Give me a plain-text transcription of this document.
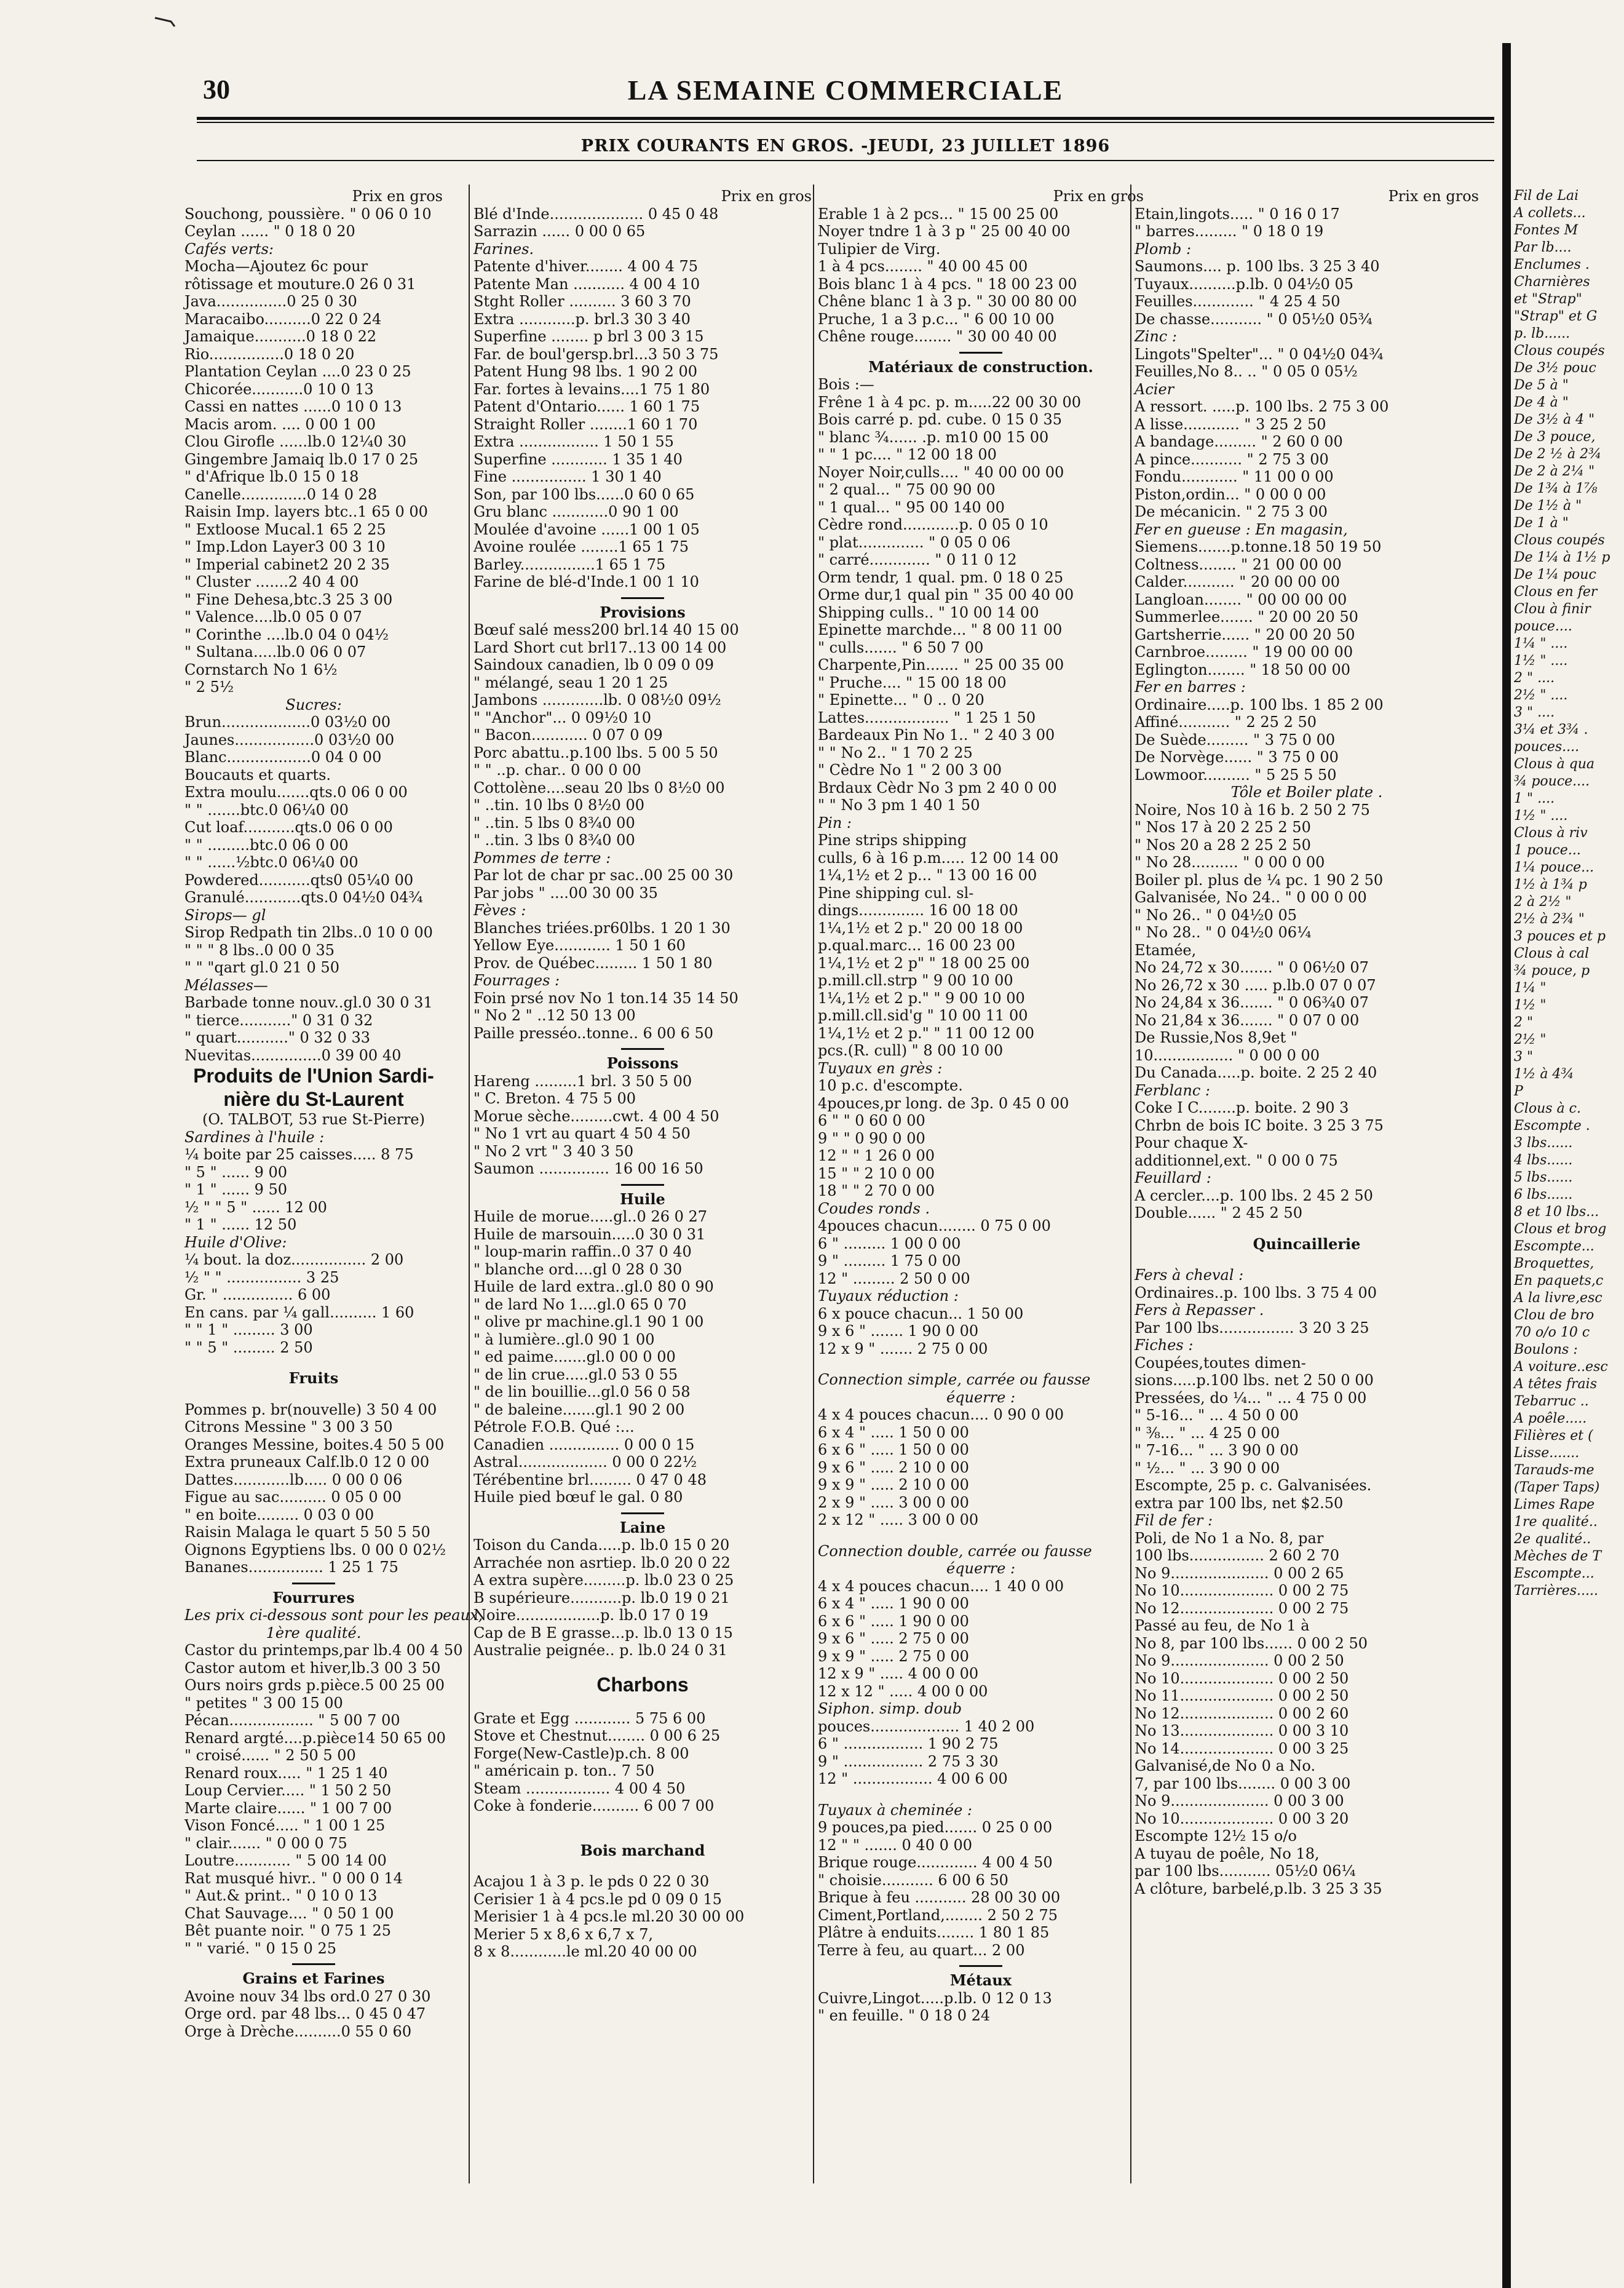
30	LA SEMAINE COMMERCIALE
PRIX COURANTS EN GROS. -JEUDI, 23 JUILLET 1896
Prix en gros
Souchong, poussière. " 0 06 0 10
Ceylan ...... " 0 18 0 20
Cafés verts:
Mocha—Ajoutez 6c pour
rôtissage et mouture.0 26 0 31
Java...............0 25 0 30
Maracaibo..........0 22 0 24
Jamaique...........0 18 0 22
Rio................0 18 0 20
Plantation Ceylan ....0 23 0 25
Chicorée...........0 10 0 13
Cassi en nattes ......0 10 0 13
Macis arom. .... 0 00 1 00
Clou Girofle ......lb.0 12¼0 30
Gingembre Jamaiq lb.0 17 0 25
" d'Afrique lb.0 15 0 18
Canelle..............0 14 0 28
Raisin Imp. layers btc..1 65 0 00
" Extloose Mucal.1 65 2 25
" Imp.Ldon Layer3 00 3 10
" Imperial cabinet2 20 2 35
" Cluster .......2 40 4 00
" Fine Dehesa,btc.3 25 3 00
" Valence....lb.0 05 0 07
" Corinthe ....lb.0 04 0 04½
" Sultana.....lb.0 06 0 07
Cornstarch No 1 6½
" 2 5½
Sucres:
Brun...................0 03½0 00
Jaunes.................0 03½0 00
Blanc..................0 04 0 00
Boucauts et quarts.
Extra moulu.......qts.0 06 0 00
" " .......btc.0 06¼0 00
Cut loaf...........qts.0 06 0 00
" " .........btc.0 06 0 00
" " ......½btc.0 06¼0 00
Powdered...........qts0 05¼0 00
Granulé............qts.0 04½0 04¾
Sirops— gl
Sirop Redpath tin 2lbs..0 10 0 00
" " " 8 lbs..0 00 0 35
" " "qart gl.0 21 0 50
Mélasses—
Barbade tonne nouv..gl.0 30 0 31
" tierce..........." 0 31 0 32
" quart..........." 0 32 0 33
Nuevitas...............0 39 00 40
Produits de l'Union Sardi-
nière du St-Laurent
(O. TALBOT, 53 rue St-Pierre)
Sardines à l'huile :
¼ boite par 25 caisses..... 8 75
" 5 " ...... 9 00
" 1 " ...... 9 50
½ " " 5 " ...... 12 00
" 1 " ...... 12 50
Huile d'Olive:
¼ bout. la doz................ 2 00
½ " " ................ 3 25
Gr. " ............... 6 00
En cans. par ¼ gall.......... 1 60
" " 1 " ......... 3 00
" " 5 " ......... 2 50
Fruits
Pommes p. br(nouvelle) 3 50 4 00
Citrons Messine " 3 00 3 50
Oranges Messine, boites.4 50 5 00
Extra pruneaux Calf.lb.0 12 0 00
Dattes............lb..... 0 00 0 06
Figue au sac.......... 0 05 0 00
" en boite......... 0 03 0 00
Raisin Malaga le quart 5 50 5 50
Oignons Egyptiens lbs. 0 00 0 02½
Bananes................ 1 25 1 75
Fourrures
Les prix ci-dessous sont pour les peaux,
1ère qualité.
Castor du printemps,par lb.4 00 4 50
Castor autom et hiver,lb.3 00 3 50
Ours noirs grds p.pièce.5 00 25 00
" petites " 3 00 15 00
Pécan.................. " 5 00 7 00
Renard argté....p.pièce14 50 65 00
" croisé...... " 2 50 5 00
Renard roux..... " 1 25 1 40
Loup Cervier..... " 1 50 2 50
Marte claire...... " 1 00 7 00
Vison Foncé..... " 1 00 1 25
" clair....... " 0 00 0 75
Loutre............ " 5 00 14 00
Rat musqué hivr.. " 0 00 0 14
" Aut.& print.. " 0 10 0 13
Chat Sauvage.... " 0 50 1 00
Bêt puante noir. " 0 75 1 25
" " varié. " 0 15 0 25
Grains et Farines
Avoine nouv 34 lbs ord.0 27 0 30
Orge ord. par 48 lbs... 0 45 0 47
Orge à Drèche..........0 55 0 60
Prix en gros
Blé d'Inde.................... 0 45 0 48
Sarrazin ...... 0 00 0 65
Farines.
Patente d'hiver........ 4 00 4 75
Patente Man ........... 4 00 4 10
Stght Roller .......... 3 60 3 70
Extra ............p. brl.3 30 3 40
Superfine ........ p brl 3 00 3 15
Far. de boul'gersp.brl...3 50 3 75
Patent Hung 98 lbs. 1 90 2 00
Far. fortes à levains....1 75 1 80
Patent d'Ontario...... 1 60 1 75
Straight Roller ........1 60 1 70
Extra ................. 1 50 1 55
Superfine ............ 1 35 1 40
Fine ................ 1 30 1 40
Son, par 100 lbs......0 60 0 65
Gru blanc ............0 90 1 00
Moulée d'avoine ......1 00 1 05
Avoine roulée ........1 65 1 75
Barley................1 65 1 75
Farine de blé-d'Inde.1 00 1 10
Provisions
Bœuf salé mess200 brl.14 40 15 00
Lard Short cut brl17..13 00 14 00
Saindoux canadien, lb 0 09 0 09
" mélangé, seau 1 20 1 25
Jambons .............lb. 0 08½0 09½
" "Anchor"... 0 09½0 10
" Bacon............ 0 07 0 09
Porc abattu..p.100 lbs. 5 00 5 50
" " ..p. char.. 0 00 0 00
Cottolène....seau 20 lbs 0 8½0 00
" ..tin. 10 lbs 0 8½0 00
" ..tin. 5 lbs 0 8¾0 00
" ..tin. 3 lbs 0 8¾0 00
Pommes de terre :
Par lot de char pr sac..00 25 00 30
Par jobs " ....00 30 00 35
Fèves :
Blanches triées.pr60lbs. 1 20 1 30
Yellow Eye............ 1 50 1 60
Prov. de Québec......... 1 50 1 80
Fourrages :
Foin prsé nov No 1 ton.14 35 14 50
" No 2 " ..12 50 13 00
Paille presséo..tonne.. 6 00 6 50
Poissons
Hareng .........1 brl. 3 50 5 00
" C. Breton. 4 75 5 00
Morue sèche.........cwt. 4 00 4 50
" No 1 vrt au quart 4 50 4 50
" No 2 vrt " 3 40 3 50
Saumon ............... 16 00 16 50
Huile
Huile de morue.....gl..0 26 0 27
Huile de marsouin.....0 30 0 31
" loup-marin raffin..0 37 0 40
" blanche ord....gl 0 28 0 30
Huile de lard extra..gl.0 80 0 90
" de lard No 1....gl.0 65 0 70
" olive pr machine.gl.1 90 1 00
" à lumière..gl.0 90 1 00
" ed paime.......gl.0 00 0 00
" de lin crue.....gl.0 53 0 55
" de lin bouillie...gl.0 56 0 58
" de baleine.......gl.1 90 2 00
Pétrole F.O.B. Qué :...
Canadien ............... 0 00 0 15
Astral................... 0 00 0 22½
Térébentine brl......... 0 47 0 48
Huile pied bœuf le gal. 0 80
Laine
Toison du Canda.....p. lb.0 15 0 20
Arrachée non asrtiep. lb.0 20 0 22
A extra supère.........p. lb.0 23 0 25
B supérieure...........p. lb.0 19 0 21
Noire..................p. lb.0 17 0 19
Cap de B E grasse...p. lb.0 13 0 15
Australie peignée.. p. lb.0 24 0 31
Charbons
Grate et Egg ............ 5 75 6 00
Stove et Chestnut........ 0 00 6 25
Forge(New-Castle)p.ch. 8 00
" américain p. ton.. 7 50
Steam .................. 4 00 4 50
Coke à fonderie.......... 6 00 7 00
Bois marchand
Acajou 1 à 3 p. le pds 0 22 0 30
Cerisier 1 à 4 pcs.le pd 0 09 0 15
Merisier 1 à 4 pcs.le ml.20 30 00 00
Merier 5 x 8,6 x 6,7 x 7,
8 x 8............le ml.20 40 00 00
Prix en gros
Erable 1 à 2 pcs... " 15 00 25 00
Noyer tndre 1 à 3 p " 25 00 40 00
Tulipier de Virg.
1 à 4 pcs........ " 40 00 45 00
Bois blanc 1 à 4 pcs. " 18 00 23 00
Chêne blanc 1 à 3 p. " 30 00 80 00
Pruche, 1 a 3 p.c... " 6 00 10 00
Chêne rouge........ " 30 00 40 00
Matériaux de construction.
Bois :—
Frêne 1 à 4 pc. p. m.....22 00 30 00
Bois carré p. pd. cube. 0 15 0 35
" blanc ¾...... .p. m10 00 15 00
" " 1 pc.... " 12 00 18 00
Noyer Noir,culls.... " 40 00 00 00
" 2 qual... " 75 00 90 00
" 1 qual... " 95 00 140 00
Cèdre rond............p. 0 05 0 10
" plat.............. " 0 05 0 06
" carré............. " 0 11 0 12
Orm tendr, 1 qual. pm. 0 18 0 25
Orme dur,1 qual pin " 35 00 40 00
Shipping culls.. " 10 00 14 00
Epinette marchde... " 8 00 11 00
" culls....... " 6 50 7 00
Charpente,Pin....... " 25 00 35 00
" Pruche.... " 15 00 18 00
" Epinette... " 0 .. 0 20
Lattes.................. " 1 25 1 50
Bardeaux Pin No 1.. " 2 40 3 00
" " No 2.. " 1 70 2 25
" Cèdre No 1 " 2 00 3 00
Brdaux Cèdr No 3 pm 2 40 0 00
" " No 3 pm 1 40 1 50
Pin :
Pine strips shipping
culls, 6 à 16 p.m..... 12 00 14 00
1¼,1½ et 2 p... " 13 00 16 00
Pine shipping cul. sl-
dings.............. 16 00 18 00
1¼,1½ et 2 p." 20 00 18 00
p.qual.marc... 16 00 23 00
1¼,1½ et 2 p" " 18 00 25 00
p.mill.cll.strp " 9 00 10 00
1¼,1½ et 2 p." " 9 00 10 00
p.mill.cll.sid'g " 10 00 11 00
1¼,1½ et 2 p." " 11 00 12 00
pcs.(R. cull) " 8 00 10 00
Tuyaux en grès :
10 p.c. d'escompte.
4pouces,pr long. de 3p. 0 45 0 00
6 " " 0 60 0 00
9 " " 0 90 0 00
12 " " 1 26 0 00
15 " " 2 10 0 00
18 " " 2 70 0 00
Coudes ronds .
4pouces chacun........ 0 75 0 00
6 " ......... 1 00 0 00
9 " ......... 1 75 0 00
12 " ......... 2 50 0 00
Tuyaux réduction :
6 x pouce chacun... 1 50 00
9 x 6 " ....... 1 90 0 00
12 x 9 " ....... 2 75 0 00
Connection simple, carrée ou fausse
équerre :
4 x 4 pouces chacun.... 0 90 0 00
6 x 4 " ..... 1 50 0 00
6 x 6 " ..... 1 50 0 00
9 x 6 " ..... 2 10 0 00
9 x 9 " ..... 2 10 0 00
2 x 9 " ..... 3 00 0 00
2 x 12 " ..... 3 00 0 00
Connection double, carrée ou fausse
équerre :
4 x 4 pouces chacun.... 1 40 0 00
6 x 4 " ..... 1 90 0 00
6 x 6 " ..... 1 90 0 00
9 x 6 " ..... 2 75 0 00
9 x 9 " ..... 2 75 0 00
12 x 9 " ..... 4 00 0 00
12 x 12 " ..... 4 00 0 00
Siphon. simp. doub
pouces................... 1 40 2 00
6 " ................. 1 90 2 75
9 " ................. 2 75 3 30
12 " ................. 4 00 6 00
Tuyaux à cheminée :
9 pouces,pa pied....... 0 25 0 00
12 " " ....... 0 40 0 00
Brique rouge............. 4 00 4 50
" choisie........... 6 00 6 50
Brique à feu ........... 28 00 30 00
Ciment,Portland,........ 2 50 2 75
Plâtre à enduits........ 1 80 1 85
Terre à feu, au quart... 2 00
Métaux
Cuivre,Lingot.....p.lb. 0 12 0 13
" en feuille. " 0 18 0 24
Prix en gros
Etain,lingots..... " 0 16 0 17
" barres......... " 0 18 0 19
Plomb :
Saumons.... p. 100 lbs. 3 25 3 40
Tuyaux..........p.lb. 0 04½0 05
Feuilles............. " 4 25 4 50
De chasse........... " 0 05½0 05¾
Zinc :
Lingots"Spelter"... " 0 04½0 04¾
Feuilles,No 8.. .. " 0 05 0 05½
Acier
A ressort. .....p. 100 lbs. 2 75 3 00
A lisse............ " 3 25 2 50
A bandage......... " 2 60 0 00
A pince........... " 2 75 3 00
Fondu............ " 11 00 0 00
Piston,ordin... " 0 00 0 00
De mécanicin. " 2 75 3 00
Fer en gueuse : En magasin,
Siemens.......p.tonne.18 50 19 50
Coltness........ " 21 00 00 00
Calder........... " 20 00 00 00
Langloan........ " 00 00 00 00
Summerlee....... " 20 00 20 50
Gartsherrie...... " 20 00 20 50
Carnbroe......... " 19 00 00 00
Eglington........ " 18 50 00 00
Fer en barres :
Ordinaire.....p. 100 lbs. 1 85 2 00
Affiné........... " 2 25 2 50
De Suède......... " 3 75 0 00
De Norvège...... " 3 75 0 00
Lowmoor.......... " 5 25 5 50
Tôle et Boiler plate .
Noire, Nos 10 à 16 b. 2 50 2 75
" Nos 17 à 20 2 25 2 50
" Nos 20 a 28 2 25 2 50
" No 28.......... " 0 00 0 00
Boiler pl. plus de ¼ pc. 1 90 2 50
Galvanisée, No 24.. " 0 00 0 00
" No 26.. " 0 04½0 05
" No 28.. " 0 04½0 06¼
Etamée,
No 24,72 x 30....... " 0 06½0 07
No 26,72 x 30 ..... p.lb.0 07 0 07
No 24,84 x 36....... " 0 06¾0 07
No 21,84 x 36....... " 0 07 0 00
De Russie,Nos 8,9et "
10................. " 0 00 0 00
Du Canada.....p. boite. 2 25 2 40
Ferblanc :
Coke I C........p. boite. 2 90 3
Chrbn de bois IC boite. 3 25 3 75
Pour chaque X-
additionnel,ext. " 0 00 0 75
Feuillard :
A cercler....p. 100 lbs. 2 45 2 50
Double...... " 2 45 2 50
Quincaillerie
Fers à cheval :
Ordinaires..p. 100 lbs. 3 75 4 00
Fers à Repasser .
Par 100 lbs................ 3 20 3 25
Fiches :
Coupées,toutes dimen-
sions.....p.100 lbs. net 2 50 0 00
Pressées, do ¼... " ... 4 75 0 00
" 5-16... " ... 4 50 0 00
" ⅜... " ... 4 25 0 00
" 7-16... " ... 3 90 0 00
" ½... " ... 3 90 0 00
Escompte, 25 p. c. Galvanisées.
extra par 100 lbs, net $2.50
Fil de fer :
Poli, de No 1 a No. 8, par
100 lbs................ 2 60 2 70
No 9..................... 0 00 2 65
No 10.................... 0 00 2 75
No 12.................... 0 00 2 75
Passé au feu, de No 1 à
No 8, par 100 lbs...... 0 00 2 50
No 9..................... 0 00 2 50
No 10.................... 0 00 2 50
No 11.................... 0 00 2 50
No 12.................... 0 00 2 60
No 13.................... 0 00 3 10
No 14.................... 0 00 3 25
Galvanisé,de No 0 a No.
7, par 100 lbs........ 0 00 3 00
No 9..................... 0 00 3 00
No 10.................... 0 00 3 20
Escompte 12½ 15 o/o
A tuyau de poêle, No 18,
par 100 lbs........... 05½0 06¼
A clôture, barbelé,p.lb. 3 25 3 35
Fil de Lai
A collets...
Fontes M
Par lb....
Enclumes .
Charnières
et "Strap"
"Strap" et G
p. lb......
Clous coupés
De 3½ pouc
De 5 à "
De 4 à "
De 3½ à 4 "
De 3 pouce,
De 2 ½ à 2¾
De 2 à 2¼ "
De 1¾ à 1⅞
De 1½ à "
De 1 à "
Clous coupés
De 1¼ à 1½ p
De 1¼ pouc
Clous en fer
Clou à finir
pouce....
1¼ " ....
1½ " ....
2 " ....
2½ " ....
3 " ....
3¼ et 3¾ .
pouces....
Clous à qua
¾ pouce....
1 " ....
1½ " ....
Clous à riv
1 pouce...
1¼ pouce...
1½ à 1¾ p
2 à 2½ "
2½ à 2¾ "
3 pouces et p
Clous à cal
¾ pouce, p
1¼ "
1½ "
2 "
2½ "
3 "
1½ à 4¾
P
Clous à c.
Escompte .
3 lbs......
4 lbs......
5 lbs......
6 lbs......
8 et 10 lbs...
Clous et brog
Escompte...
Broquettes,
En paquets,c
A la livre,esc
Clou de bro
70 o/o 10 c
Boulons :
A voiture..esc
A têtes frais
Tebarruc ..
A poêle.....
Filières et (
Lisse.......
Tarauds-me
(Taper Taps)
Limes Rape
1re qualité..
2e qualité..
Mèches de T
Escompte...
Tarrières.....
